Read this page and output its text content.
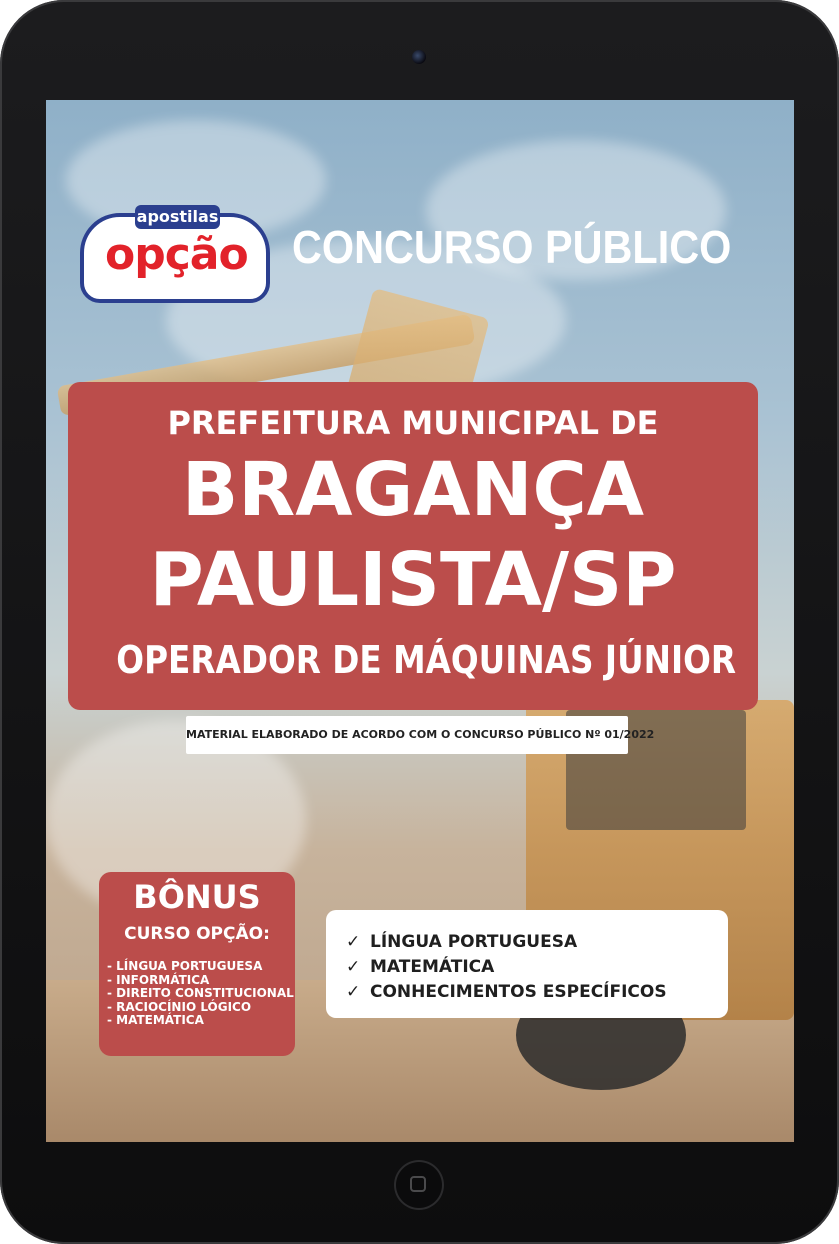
apostilas
opção CONCURSO PÚBLICO
PREFEITURA MUNICIPAL DE
BRAGANÇA
PAULISTA/SP
OPERADOR DE MÁQUINAS JÚNIOR
MATERIAL ELABORADO DE ACORDO COM O CONCURSO PÚBLICO Nº 01/2022
BÔNUS
CURSO OPÇÃO:
- LÍNGUA PORTUGUESA
- INFORMÁTICA
- DIREITO CONSTITUCIONAL
- RACIOCÍNIO LÓGICO
- MATEMÁTICA
✓ LÍNGUA PORTUGUESA
✓ MATEMÁTICA
✓ CONHECIMENTOS ESPECÍFICOS
